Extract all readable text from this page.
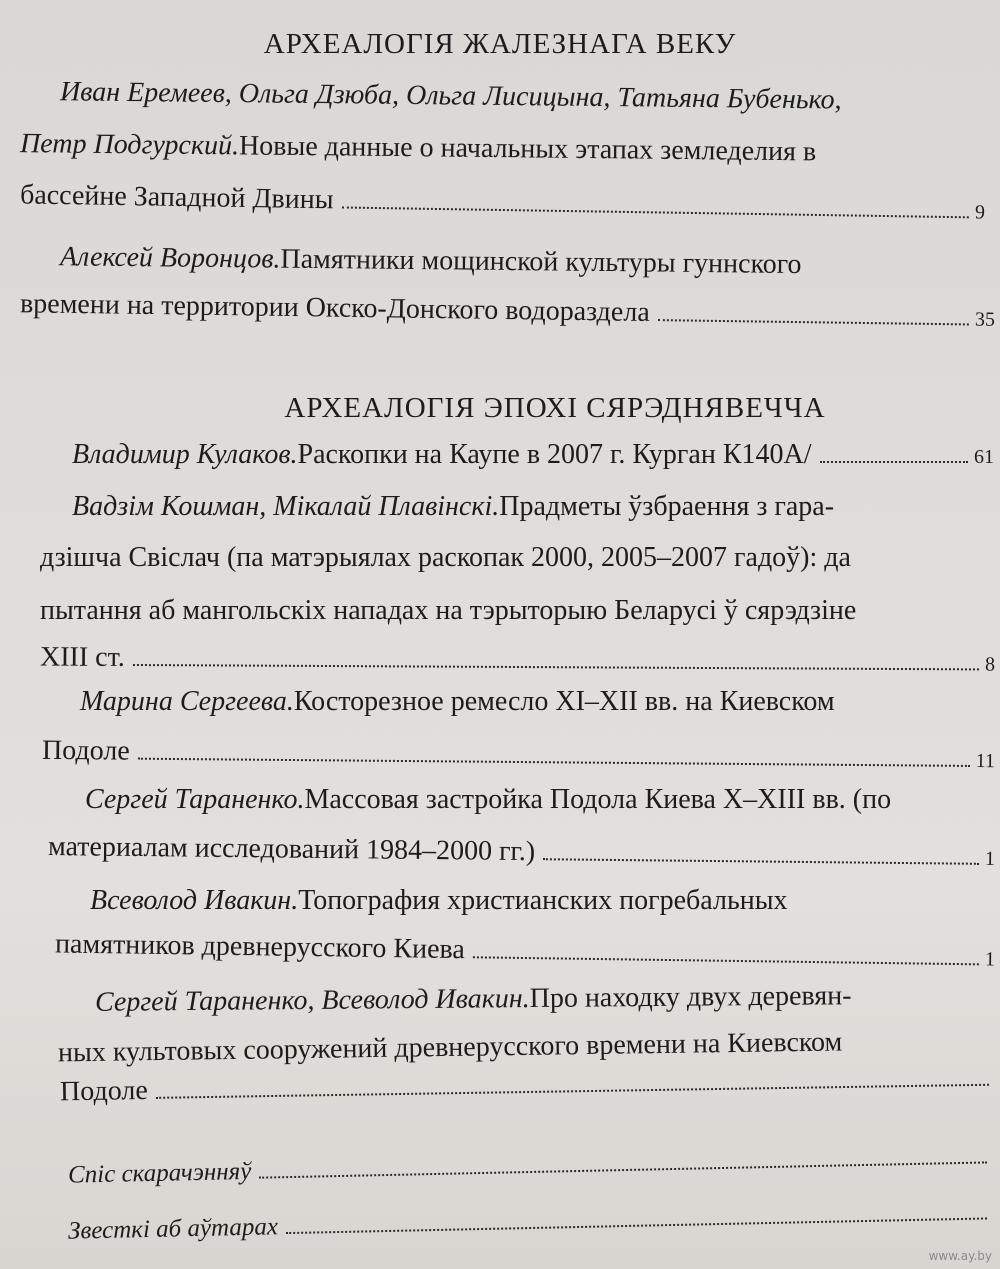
АРХЕАЛОГІЯ ЖАЛЕЗНАГА ВЕКУ
Иван Еремеев, Ольга Дзюба, Ольга Лисицына, Татьяна Бубенько,
Петр Подгурский. Новые данные о начальных этапах земледелия в
бассейне Западной Двины	9
Алексей Воронцов. Памятники мощинской культуры гуннского
времени на территории Окско-Донского водораздела	35
АРХЕАЛОГІЯ ЭПОХІ СЯРЭДНЯВЕЧЧА
Владимир Кулаков. Раскопки на Каупе в 2007 г. Курган К140А/	61
Вадзім Кошман, Мікалай Плавінскі. Прадметы ўзбраення з гара-
дзішча Свіслач (па матэрыялах раскопак 2000, 2005–2007 гадоў): да
пытання аб мангольскіх нападах на тэрыторыю Беларусі ў сярэдзіне
XIII ст.	8
Марина Сергеева. Косторезное ремесло XI–XII вв. на Киевском
Подоле	11
Сергей Тараненко. Массовая застройка Подола Киева X–XIII вв. (по
материалам исследований 1984–2000 гг.)	1
Всеволод Ивакин. Топография христианских погребальных
памятников древнерусского Киева	1
Сергей Тараненко, Всеволод Ивакин. Про находку двух деревян-
ных культовых сооружений древнерусского времени на Киевском
Подоле
Спіс скарачэнняў
Звесткі аб аўтарах
www.ay.by
